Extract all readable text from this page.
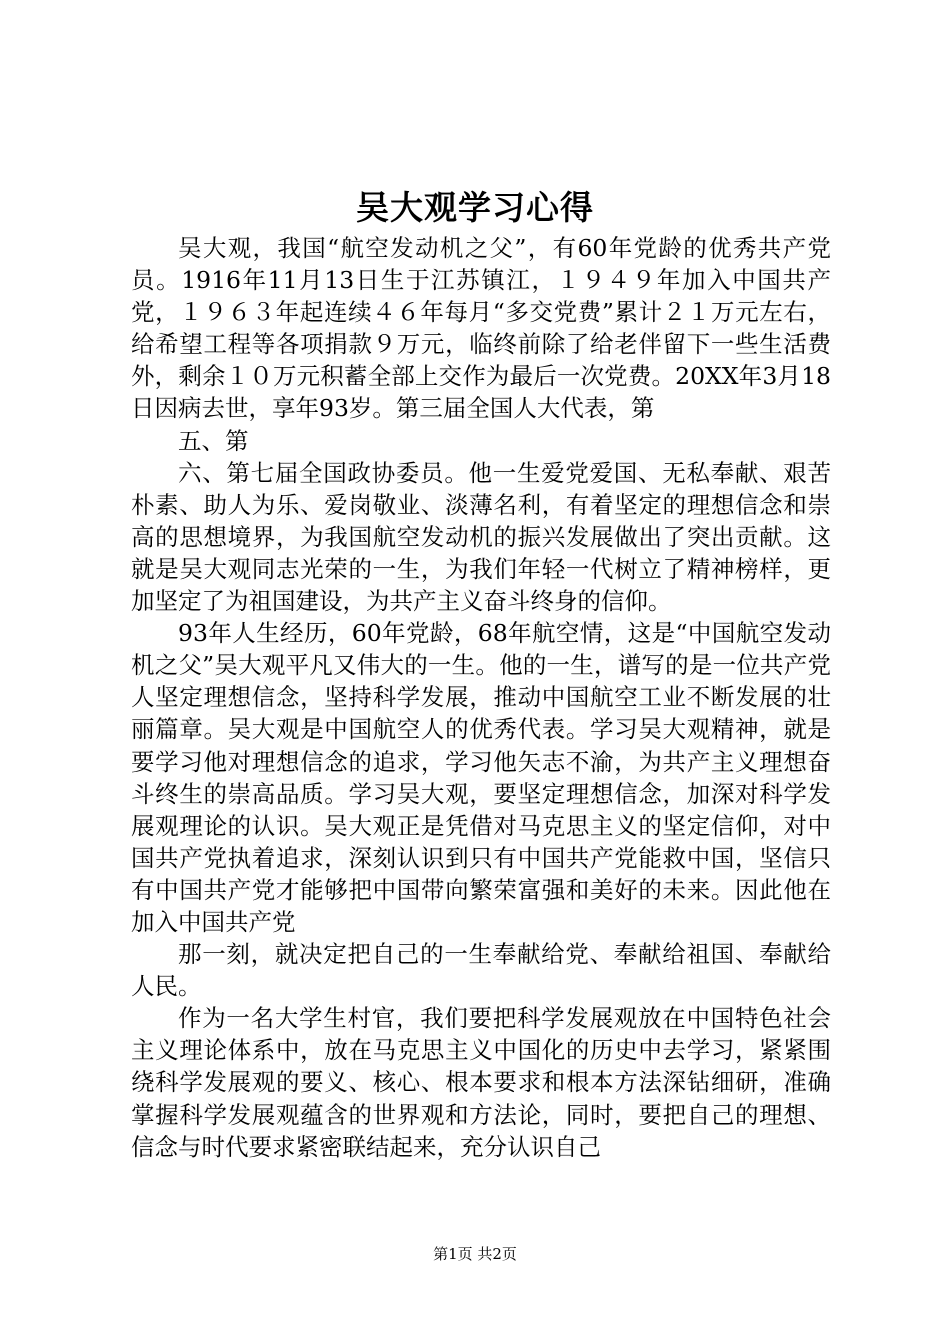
吴大观学习心得

吴大观，我国“航空发动机之父”，有60年党龄的优秀共产党员。1916年11月13日生于江苏镇江，１９４９年加入中国共产党，１９６３年起连续４６年每月“多交党费”累计２１万元左右，给希望工程等各项捐款９万元，临终前除了给老伴留下一些生活费外，剩余１０万元积蓄全部上交作为最后一次党费。20XX年3月18日因病去世，享年93岁。第三届全国人大代表，第

五、第

六、第七届全国政协委员。他一生爱党爱国、无私奉献、艰苦朴素、助人为乐、爱岗敬业、淡薄名利，有着坚定的理想信念和崇高的思想境界，为我国航空发动机的振兴发展做出了突出贡献。这就是吴大观同志光荣的一生，为我们年轻一代树立了精神榜样，更加坚定了为祖国建设，为共产主义奋斗终身的信仰。

93年人生经历，60年党龄，68年航空情，这是“中国航空发动机之父”吴大观平凡又伟大的一生。他的一生，谱写的是一位共产党人坚定理想信念，坚持科学发展，推动中国航空工业不断发展的壮丽篇章。吴大观是中国航空人的优秀代表。学习吴大观精神，就是要学习他对理想信念的追求，学习他矢志不渝，为共产主义理想奋斗终生的崇高品质。学习吴大观，要坚定理想信念，加深对科学发展观理论的认识。吴大观正是凭借对马克思主义的坚定信仰，对中国共产党执着追求，深刻认识到只有中国共产党能救中国，坚信只有中国共产党才能够把中国带向繁荣富强和美好的未来。因此他在加入中国共产党

那一刻，就决定把自己的一生奉献给党、奉献给祖国、奉献给人民。

作为一名大学生村官，我们要把科学发展观放在中国特色社会主义理论体系中，放在马克思主义中国化的历史中去学习，紧紧围绕科学发展观的要义、核心、根本要求和根本方法深钻细研，准确掌握科学发展观蕴含的世界观和方法论，同时，要把自己的理想、信念与时代要求紧密联结起来，充分认识自己

第1页 共2页
